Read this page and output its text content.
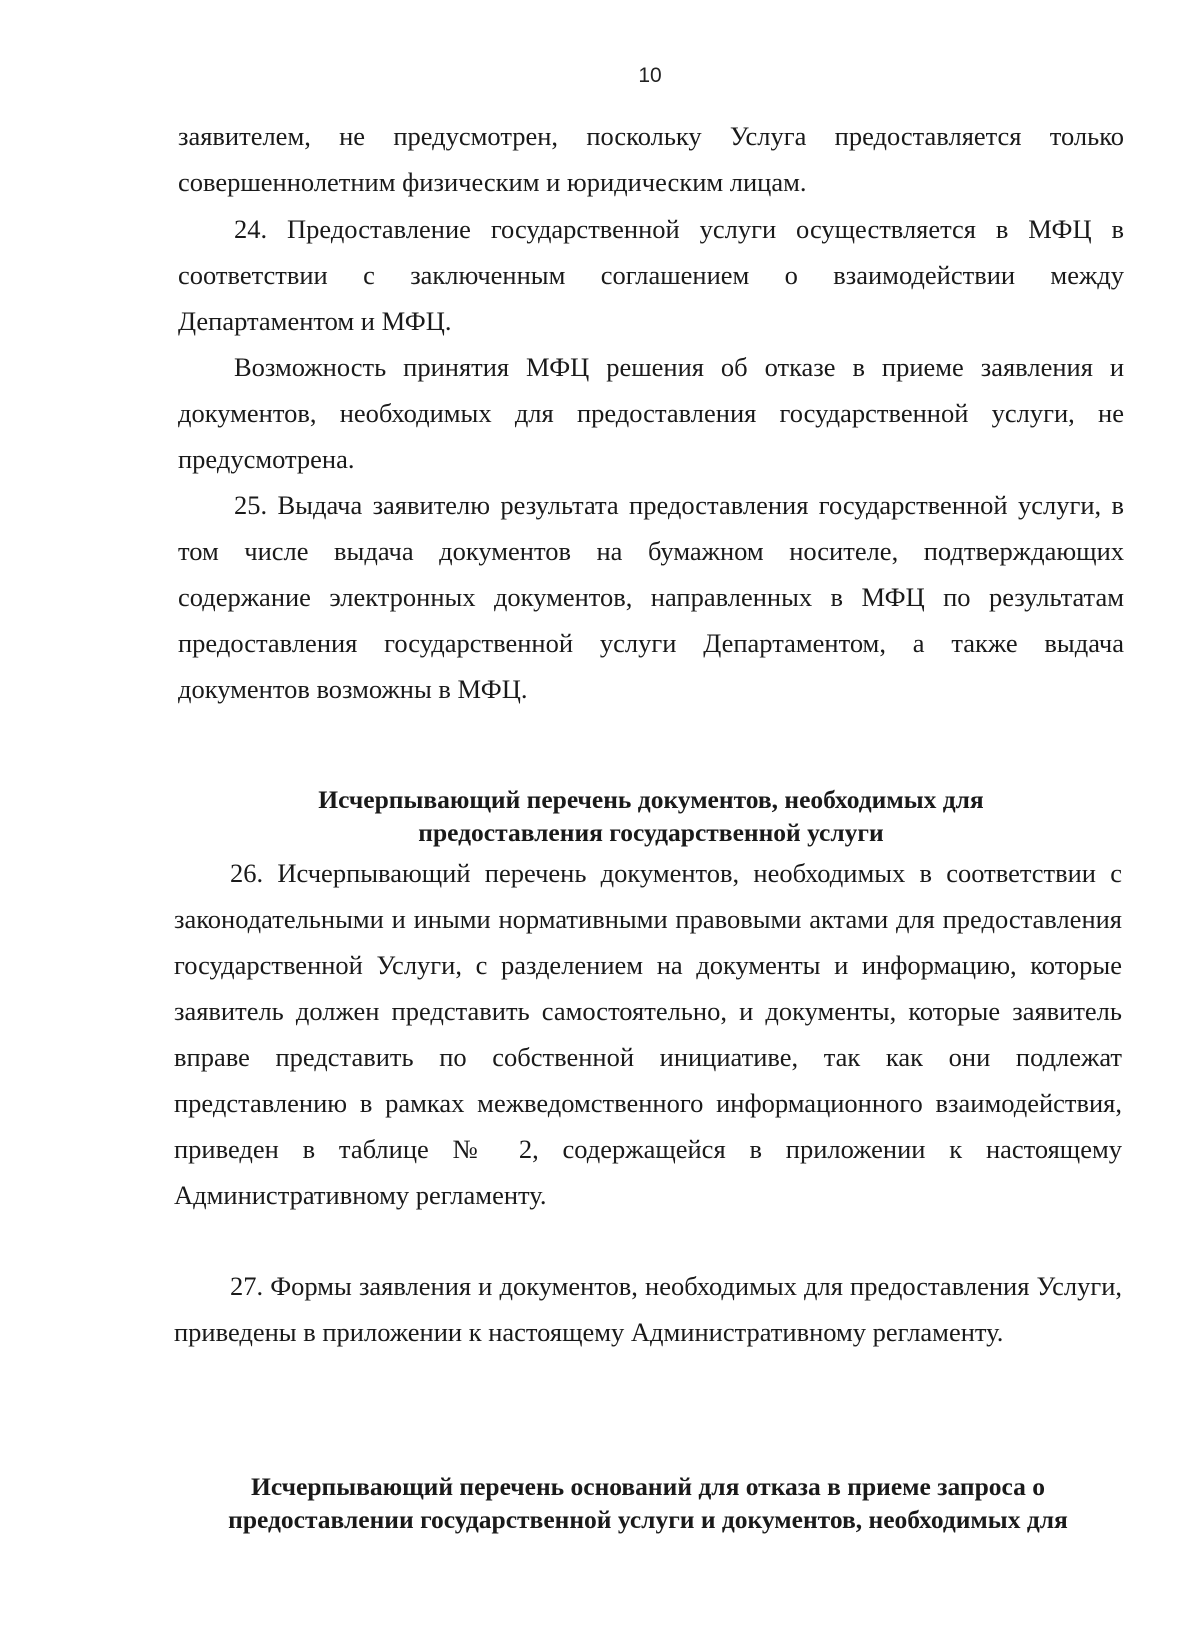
10

заявителем, не предусмотрен, поскольку Услуга предоставляется только совершеннолетним физическим и юридическим лицам.

24. Предоставление государственной услуги осуществляется в МФЦ в соответствии с заключенным соглашением о взаимодействии между Департаментом и МФЦ.

Возможность принятия МФЦ решения об отказе в приеме заявления и документов, необходимых для предоставления государственной услуги, не предусмотрена.

25. Выдача заявителю результата предоставления государственной услуги, в том числе выдача документов на бумажном носителе, подтверждающих содержание электронных документов, направленных в МФЦ по результатам предоставления государственной услуги Департаментом, а также выдача документов возможны в МФЦ.

Исчерпывающий перечень документов, необходимых для

предоставления государственной услуги

26. Исчерпывающий перечень документов, необходимых в соответствии с законодательными и иными нормативными правовыми актами для предоставления государственной Услуги, с разделением на документы и информацию, которые заявитель должен представить самостоятельно, и документы, которые заявитель вправе представить по собственной инициативе, так как они подлежат представлению в рамках межведомственного информационного взаимодействия, приведен в таблице № 2, содержащейся в приложении к настоящему Административному регламенту.

27. Формы заявления и документов, необходимых для предоставления Услуги, приведены в приложении к настоящему Административному регламенту.

Исчерпывающий перечень оснований для отказа в приеме запроса о

предоставлении государственной услуги и документов, необходимых для
